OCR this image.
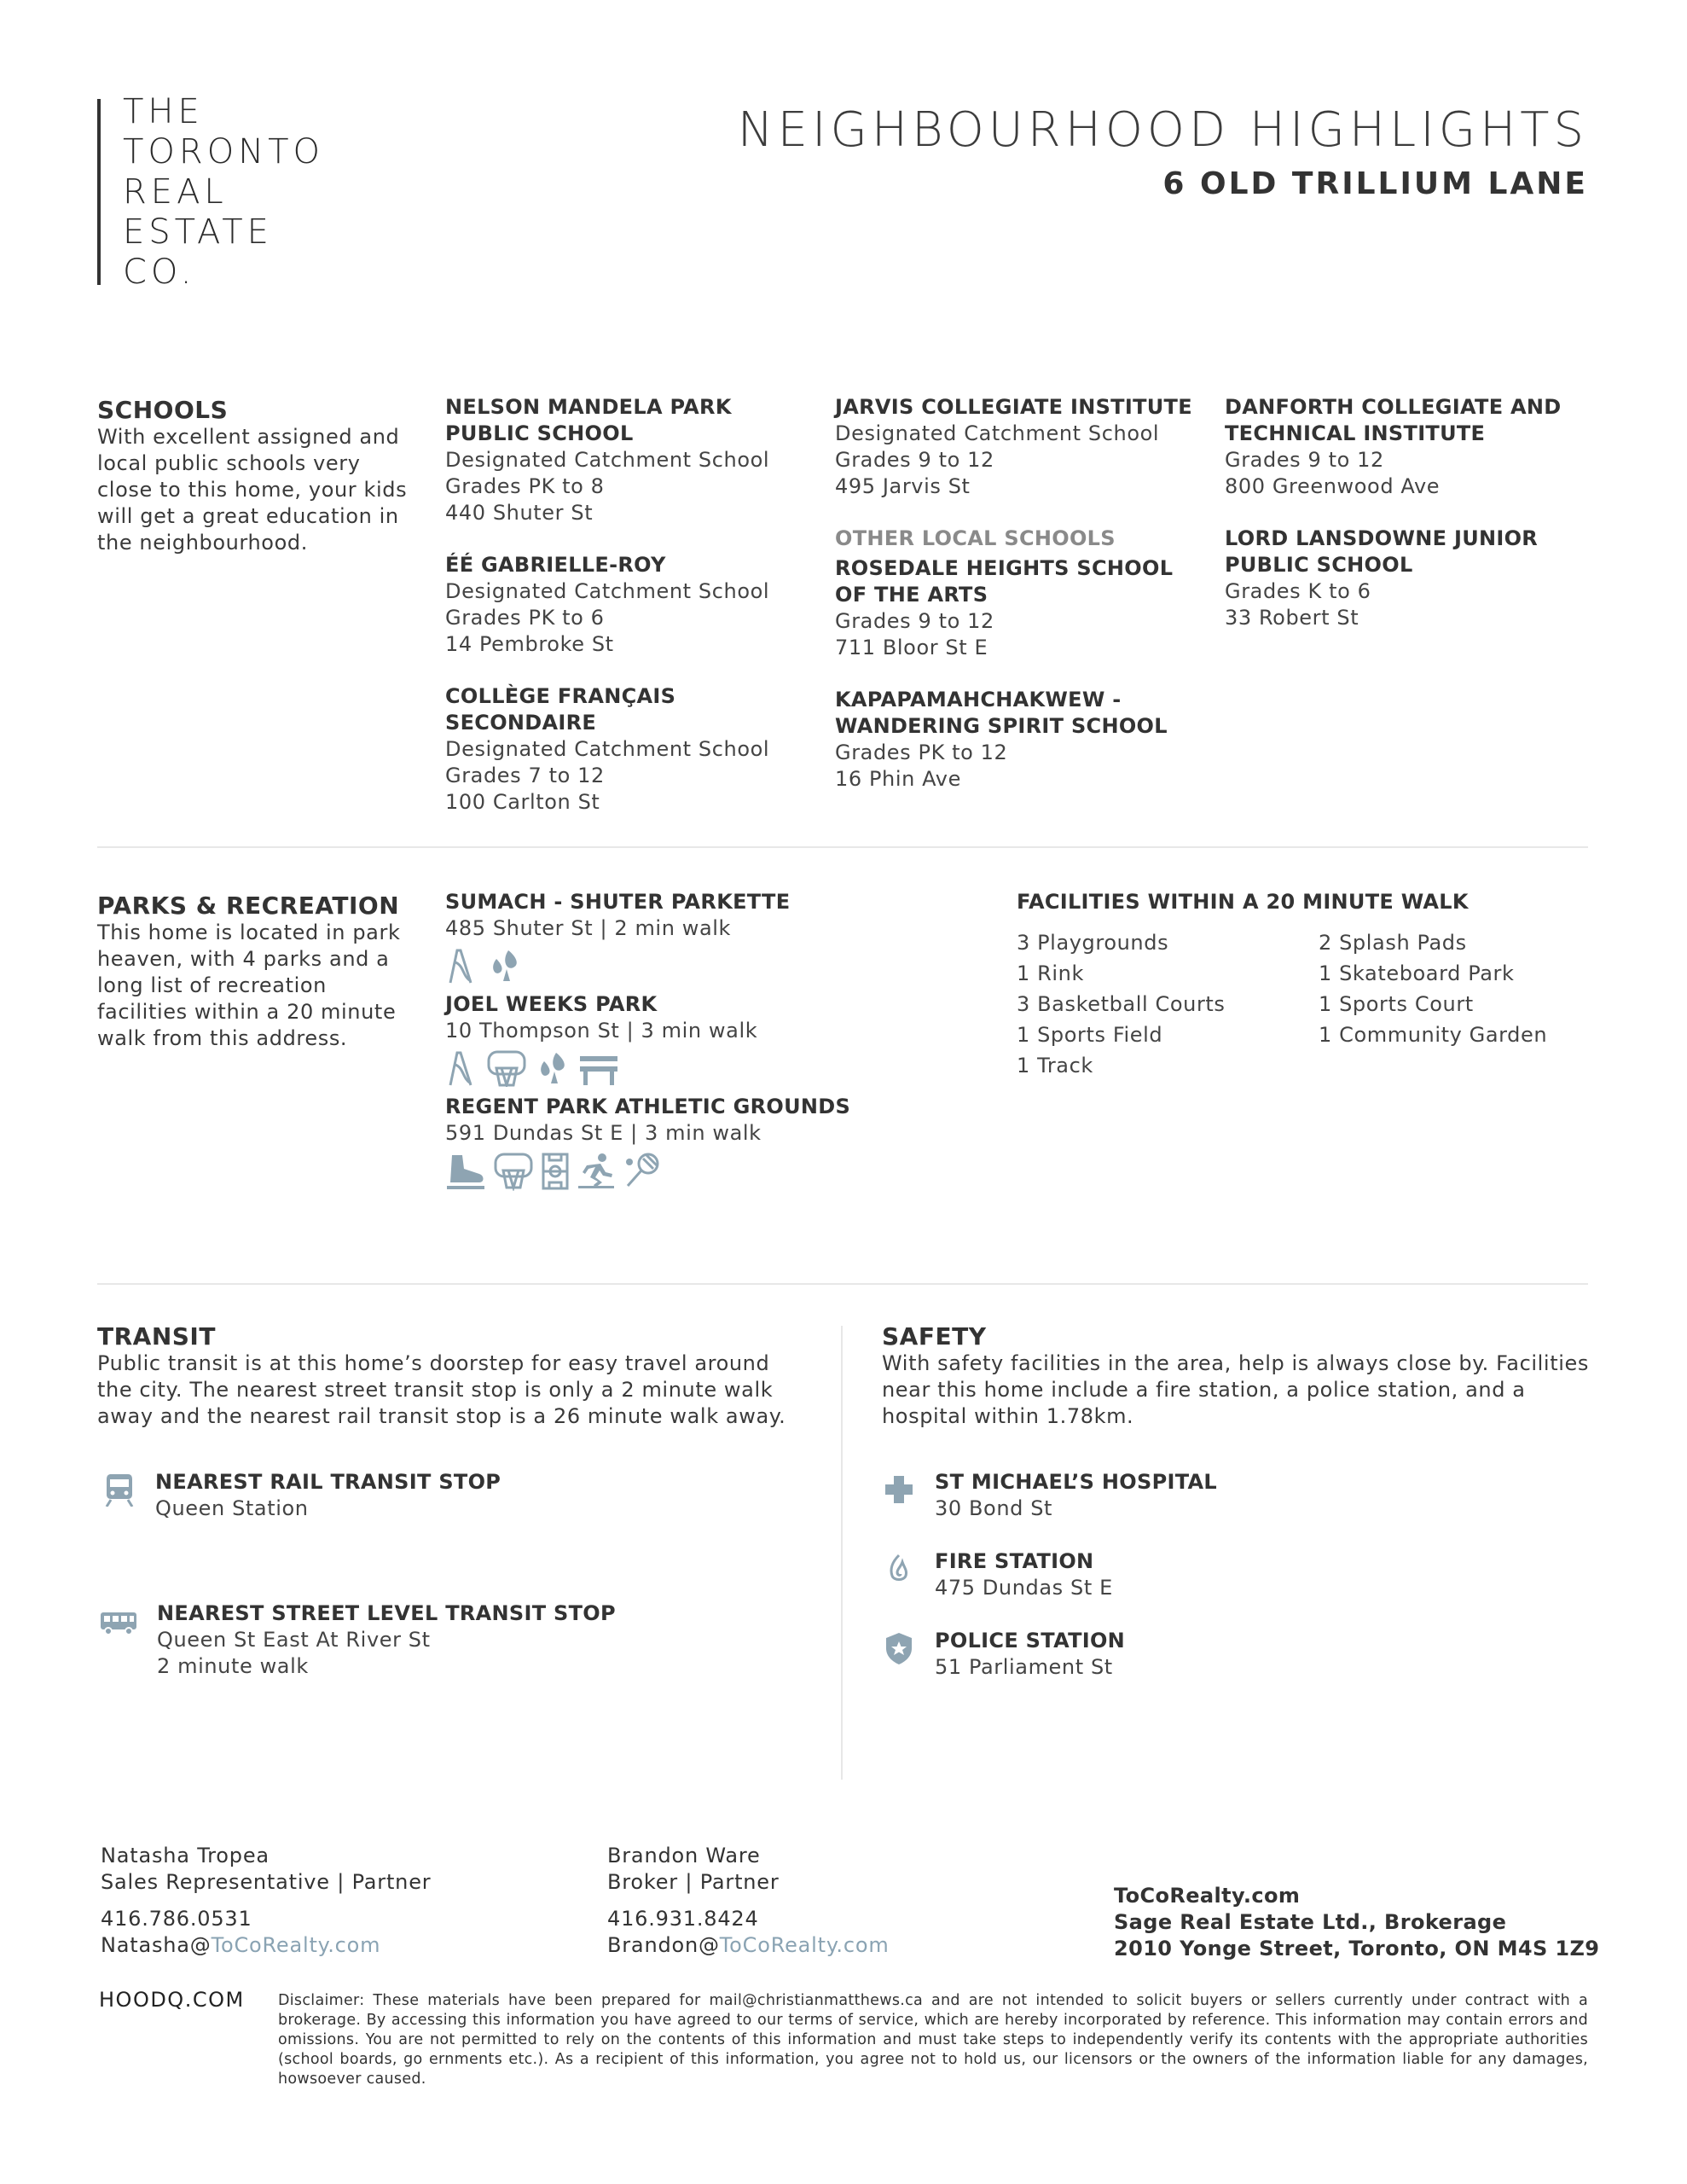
THE
TORONTO
REAL
ESTATE
CO.
NEIGHBOURHOOD HIGHLIGHTS
6 OLD TRILLIUM LANE
SCHOOLS
With excellent assigned and local public schools very close to this home, your kids will get a great education in the neighbourhood.
NELSON MANDELA PARK PUBLIC SCHOOL
Designated Catchment School
Grades PK to 8
440 Shuter St
ÉÉ GABRIELLE-ROY
Designated Catchment School
Grades PK to 6
14 Pembroke St
COLLÈGE FRANÇAIS SECONDAIRE
Designated Catchment School
Grades 7 to 12
100 Carlton St
JARVIS COLLEGIATE INSTITUTE
Designated Catchment School
Grades 9 to 12
495 Jarvis St
OTHER LOCAL SCHOOLS
ROSEDALE HEIGHTS SCHOOL OF THE ARTS
Grades 9 to 12
711 Bloor St E
KAPAPAMAHCHAKWEW - WANDERING SPIRIT SCHOOL
Grades PK to 12
16 Phin Ave
DANFORTH COLLEGIATE AND TECHNICAL INSTITUTE
Grades 9 to 12
800 Greenwood Ave
LORD LANSDOWNE JUNIOR PUBLIC SCHOOL
Grades K to 6
33 Robert St
PARKS & RECREATION
This home is located in park heaven, with 4 parks and a long list of recreation facilities within a 20 minute walk from this address.
SUMACH - SHUTER PARKETTE
485 Shuter St | 2 min walk
JOEL WEEKS PARK
10 Thompson St | 3 min walk
REGENT PARK ATHLETIC GROUNDS
591 Dundas St E | 3 min walk
FACILITIES WITHIN A 20 MINUTE WALK
3 Playgrounds	2 Splash Pads
1 Rink	1 Skateboard Park
3 Basketball Courts	1 Sports Court
1 Sports Field	1 Community Garden
1 Track
TRANSIT
Public transit is at this home’s doorstep for easy travel around the city. The nearest street transit stop is only a 2 minute walk away and the nearest rail transit stop is a 26 minute walk away.
NEAREST RAIL TRANSIT STOP
Queen Station
NEAREST STREET LEVEL TRANSIT STOP
Queen St East At River St
2 minute walk
SAFETY
With safety facilities in the area, help is always close by. Facilities near this home include a fire station, a police station, and a hospital within 1.78km.
ST MICHAEL’S HOSPITAL
30 Bond St
FIRE STATION
475 Dundas St E
POLICE STATION
51 Parliament St
Natasha Tropea
Sales Representative | Partner
416.786.0531
Natasha@ToCoRealty.com
Brandon Ware
Broker | Partner
416.931.8424
Brandon@ToCoRealty.com
ToCoRealty.com
Sage Real Estate Ltd., Brokerage
2010 Yonge Street, Toronto, ON M4S 1Z9
HOODQ.COM Disclaimer: These materials have been prepared for mail@christianmatthews.ca and are not intended to solicit buyers or sellers currently under contract with a brokerage. By accessing this information you have agreed to our terms of service, which are hereby incorporated by reference. This information may contain errors and omissions. You are not permitted to rely on the contents of this information and must take steps to independently verify its contents with the appropriate authorities (school boards, go ernments etc.). As a recipient of this information, you agree not to hold us, our licensors or the owners of the information liable for any damages, howsoever caused.
